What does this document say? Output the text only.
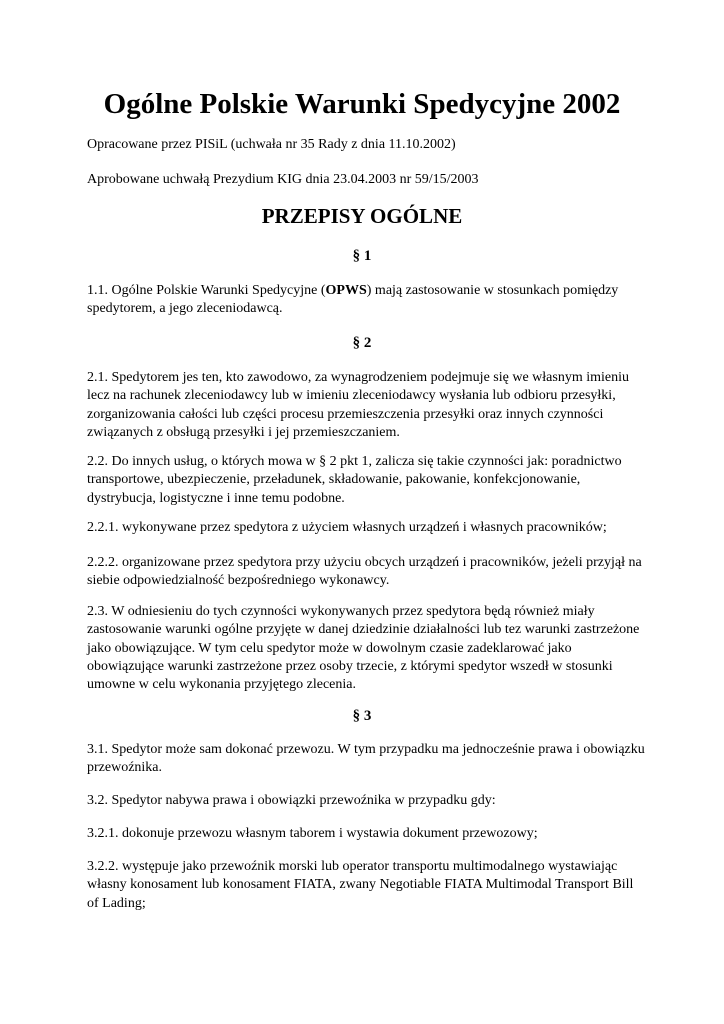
Ogólne Polskie Warunki Spedycyjne 2002

Opracowane przez PISiL (uchwała nr 35 Rady z dnia 11.10.2002)

Aprobowane uchwałą Prezydium KIG dnia 23.04.2003 nr 59/15/2003

PRZEPISY OGÓLNE
§ 1

1.1. Ogólne Polskie Warunki Spedycyjne (OPWS) mają zastosowanie w stosunkach pomiędzy spedytorem, a jego zleceniodawcą.

§ 2

2.1. Spedytorem jes ten, kto zawodowo, za wynagrodzeniem podejmuje się we własnym imieniu lecz na rachunek zleceniodawcy lub w imieniu zleceniodawcy wysłania lub odbioru przesyłki, zorganizowania całości lub części procesu przemieszczenia przesyłki oraz innych czynności związanych z obsługą przesyłki i jej przemieszczaniem.

2.2. Do innych usług, o których mowa w § 2 pkt 1, zalicza się takie czynności jak: poradnictwo transportowe, ubezpieczenie, przeładunek, składowanie, pakowanie, konfekcjonowanie, dystrybucja, logistyczne i inne temu podobne.

2.2.1. wykonywane przez spedytora z użyciem własnych urządzeń i własnych pracowników;

2.2.2. organizowane przez spedytora przy użyciu obcych urządzeń i pracowników, jeżeli przyjął na siebie odpowiedzialność bezpośredniego wykonawcy.

2.3. W odniesieniu do tych czynności wykonywanych przez spedytora będą również miały zastosowanie warunki ogólne przyjęte w danej dziedzinie działalności lub tez warunki zastrzeżone jako obowiązujące. W tym celu spedytor może w dowolnym czasie zadeklarować jako obowiązujące warunki zastrzeżone przez osoby trzecie, z którymi spedytor wszedł w stosunki umowne w celu wykonania przyjętego zlecenia.

§ 3

3.1. Spedytor może sam dokonać przewozu. W tym przypadku ma jednocześnie prawa i obowiązku przewoźnika.

3.2. Spedytor nabywa prawa i obowiązki przewoźnika w przypadku gdy:

3.2.1. dokonuje przewozu własnym taborem i wystawia dokument przewozowy;

3.2.2. występuje jako przewoźnik morski lub operator transportu multimodalnego wystawiając własny konosament lub konosament FIATA, zwany Negotiable FIATA Multimodal Transport Bill of Lading;
